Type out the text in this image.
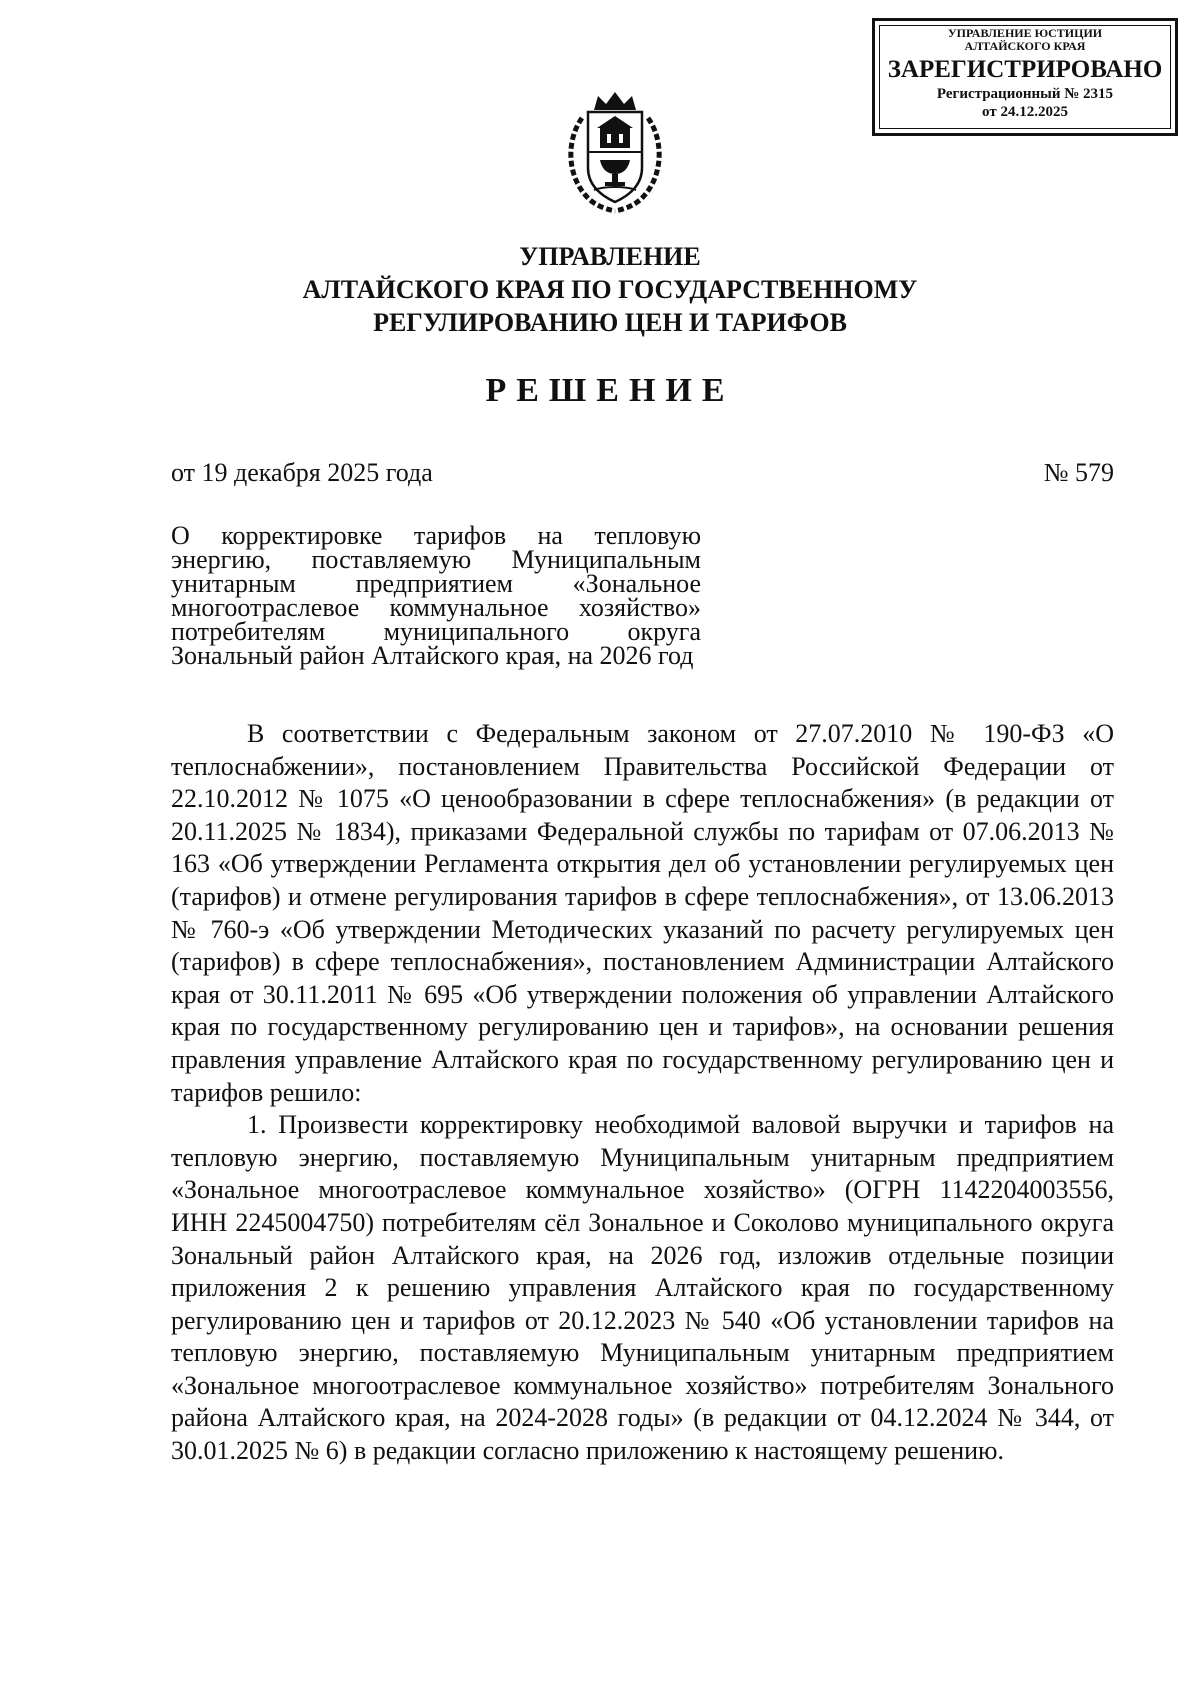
УПРАВЛЕНИЕ ЮСТИЦИИ
АЛТАЙСКОГО КРАЯ
ЗАРЕГИСТРИРОВАНО
Регистрационный № 2315
от 24.12.2025
УПРАВЛЕНИЕ
АЛТАЙСКОГО КРАЯ ПО ГОСУДАРСТВЕННОМУ
РЕГУЛИРОВАНИЮ ЦЕН И ТАРИФОВ
РЕШЕНИЕ
от 19 декабря 2025 года	№ 579
О корректировке тарифов на тепловую энергию, поставляемую Муниципальным унитарным предприятием «Зональное многоотраслевое коммунальное хозяйство» потребителям муниципального округа Зональный район Алтайского края, на 2026 год

В соответствии с Федеральным законом от 27.07.2010 № 190-ФЗ «О теплоснабжении», постановлением Правительства Российской Федерации от 22.10.2012 № 1075 «О ценообразовании в сфере теплоснабжения» (в редакции от 20.11.2025 № 1834), приказами Федеральной службы по тарифам от 07.06.2013 № 163 «Об утверждении Регламента открытия дел об установлении регулируемых цен (тарифов) и отмене регулирования тарифов в сфере теплоснабжения», от 13.06.2013 № 760-э «Об утверждении Методических указаний по расчету регулируемых цен (тарифов) в сфере теплоснабжения», постановлением Администрации Алтайского края от 30.11.2011 № 695 «Об утверждении положения об управлении Алтайского края по государственному регулированию цен и тарифов», на основании решения правления управление Алтайского края по государственному регулированию цен и тарифов решило:

1. Произвести корректировку необходимой валовой выручки и тарифов на тепловую энергию, поставляемую Муниципальным унитарным предприятием «Зональное многоотраслевое коммунальное хозяйство» (ОГРН 1142204003556, ИНН 2245004750) потребителям сёл Зональное и Соколово муниципального округа Зональный район Алтайского края, на 2026 год, изложив отдельные позиции приложения 2 к решению управления Алтайского края по государственному регулированию цен и тарифов от 20.12.2023 № 540 «Об установлении тарифов на тепловую энергию, поставляемую Муниципальным унитарным предприятием «Зональное многоотраслевое коммунальное хозяйство» потребителям Зонального района Алтайского края, на 2024-2028 годы» (в редакции от 04.12.2024 № 344, от 30.01.2025 № 6) в редакции согласно приложению к настоящему решению.
